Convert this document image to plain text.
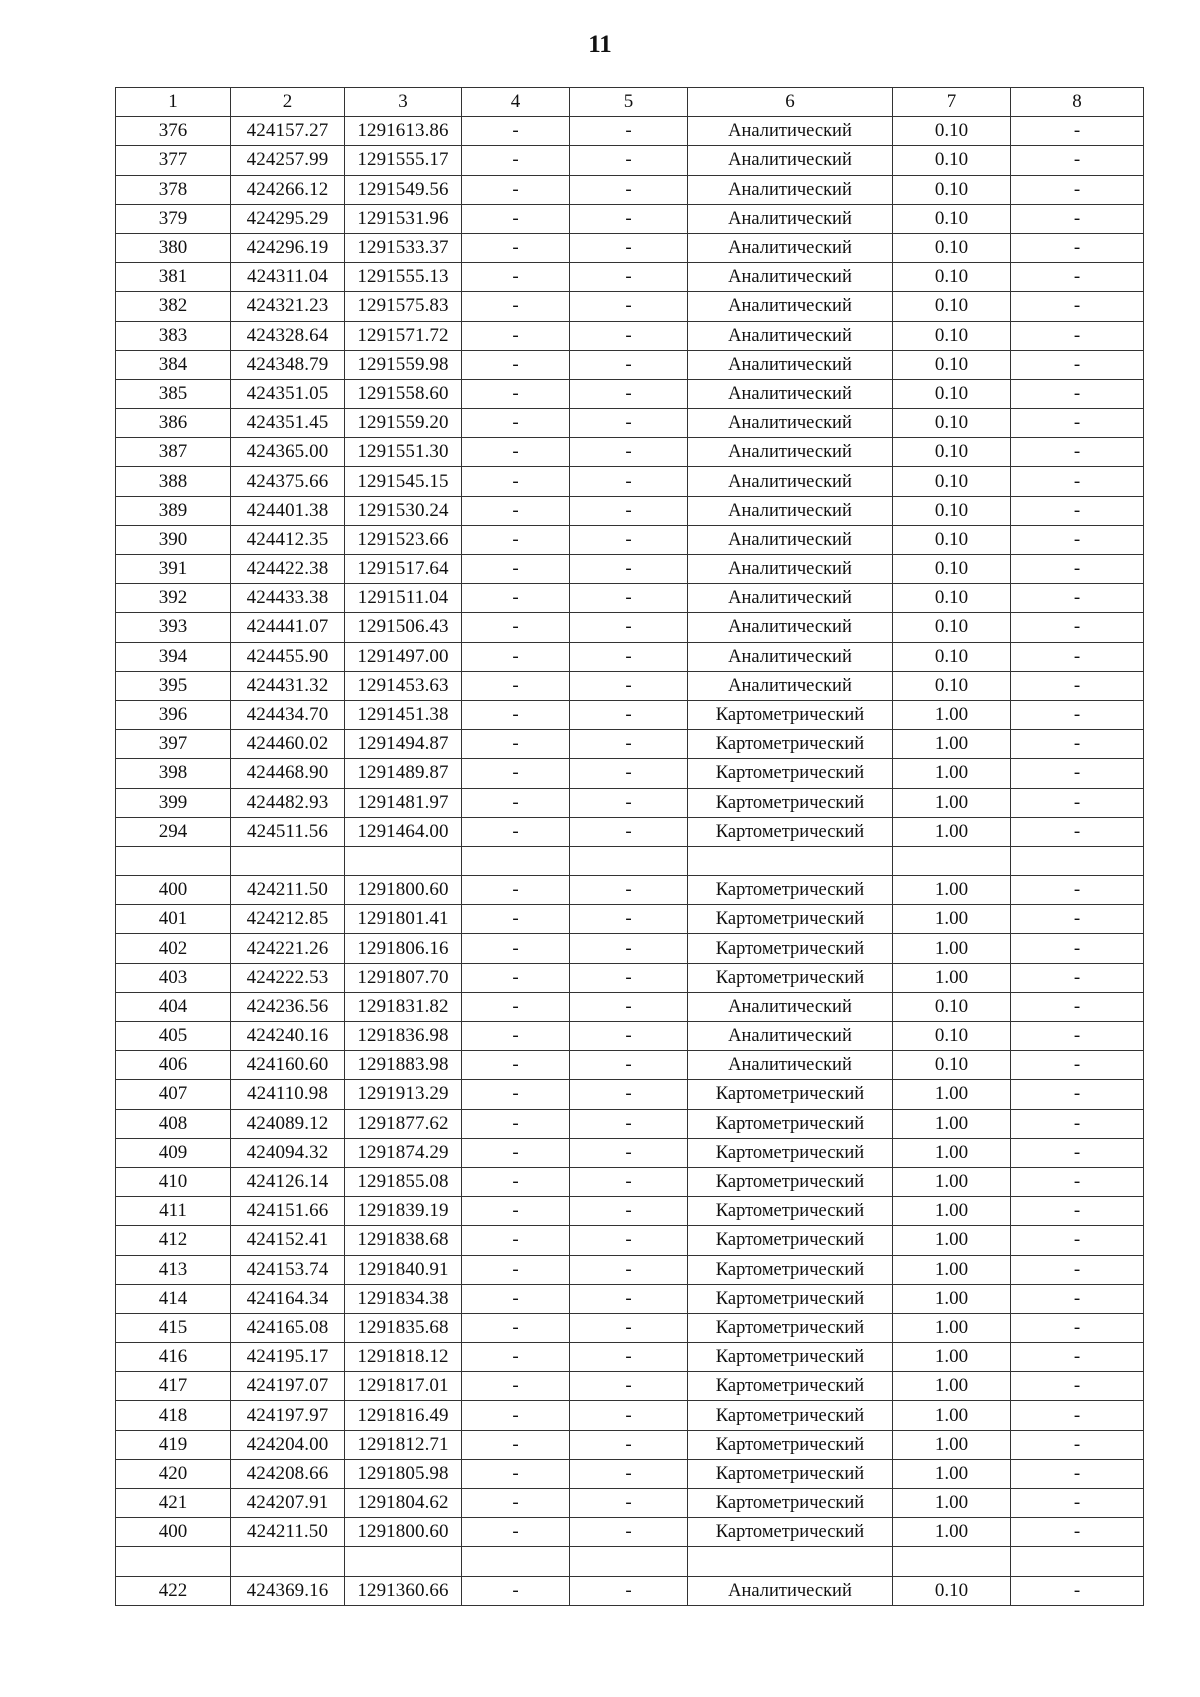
11
1	2	3	4	5	6	7	8
376	424157.27	1291613.86	-	-	Аналитический	0.10	-
377	424257.99	1291555.17	-	-	Аналитический	0.10	-
378	424266.12	1291549.56	-	-	Аналитический	0.10	-
379	424295.29	1291531.96	-	-	Аналитический	0.10	-
380	424296.19	1291533.37	-	-	Аналитический	0.10	-
381	424311.04	1291555.13	-	-	Аналитический	0.10	-
382	424321.23	1291575.83	-	-	Аналитический	0.10	-
383	424328.64	1291571.72	-	-	Аналитический	0.10	-
384	424348.79	1291559.98	-	-	Аналитический	0.10	-
385	424351.05	1291558.60	-	-	Аналитический	0.10	-
386	424351.45	1291559.20	-	-	Аналитический	0.10	-
387	424365.00	1291551.30	-	-	Аналитический	0.10	-
388	424375.66	1291545.15	-	-	Аналитический	0.10	-
389	424401.38	1291530.24	-	-	Аналитический	0.10	-
390	424412.35	1291523.66	-	-	Аналитический	0.10	-
391	424422.38	1291517.64	-	-	Аналитический	0.10	-
392	424433.38	1291511.04	-	-	Аналитический	0.10	-
393	424441.07	1291506.43	-	-	Аналитический	0.10	-
394	424455.90	1291497.00	-	-	Аналитический	0.10	-
395	424431.32	1291453.63	-	-	Аналитический	0.10	-
396	424434.70	1291451.38	-	-	Картометрический	1.00	-
397	424460.02	1291494.87	-	-	Картометрический	1.00	-
398	424468.90	1291489.87	-	-	Картометрический	1.00	-
399	424482.93	1291481.97	-	-	Картометрический	1.00	-
294	424511.56	1291464.00	-	-	Картометрический	1.00	-

400	424211.50	1291800.60	-	-	Картометрический	1.00	-
401	424212.85	1291801.41	-	-	Картометрический	1.00	-
402	424221.26	1291806.16	-	-	Картометрический	1.00	-
403	424222.53	1291807.70	-	-	Картометрический	1.00	-
404	424236.56	1291831.82	-	-	Аналитический	0.10	-
405	424240.16	1291836.98	-	-	Аналитический	0.10	-
406	424160.60	1291883.98	-	-	Аналитический	0.10	-
407	424110.98	1291913.29	-	-	Картометрический	1.00	-
408	424089.12	1291877.62	-	-	Картометрический	1.00	-
409	424094.32	1291874.29	-	-	Картометрический	1.00	-
410	424126.14	1291855.08	-	-	Картометрический	1.00	-
411	424151.66	1291839.19	-	-	Картометрический	1.00	-
412	424152.41	1291838.68	-	-	Картометрический	1.00	-
413	424153.74	1291840.91	-	-	Картометрический	1.00	-
414	424164.34	1291834.38	-	-	Картометрический	1.00	-
415	424165.08	1291835.68	-	-	Картометрический	1.00	-
416	424195.17	1291818.12	-	-	Картометрический	1.00	-
417	424197.07	1291817.01	-	-	Картометрический	1.00	-
418	424197.97	1291816.49	-	-	Картометрический	1.00	-
419	424204.00	1291812.71	-	-	Картометрический	1.00	-
420	424208.66	1291805.98	-	-	Картометрический	1.00	-
421	424207.91	1291804.62	-	-	Картометрический	1.00	-
400	424211.50	1291800.60	-	-	Картометрический	1.00	-

422	424369.16	1291360.66	-	-	Аналитический	0.10	-
